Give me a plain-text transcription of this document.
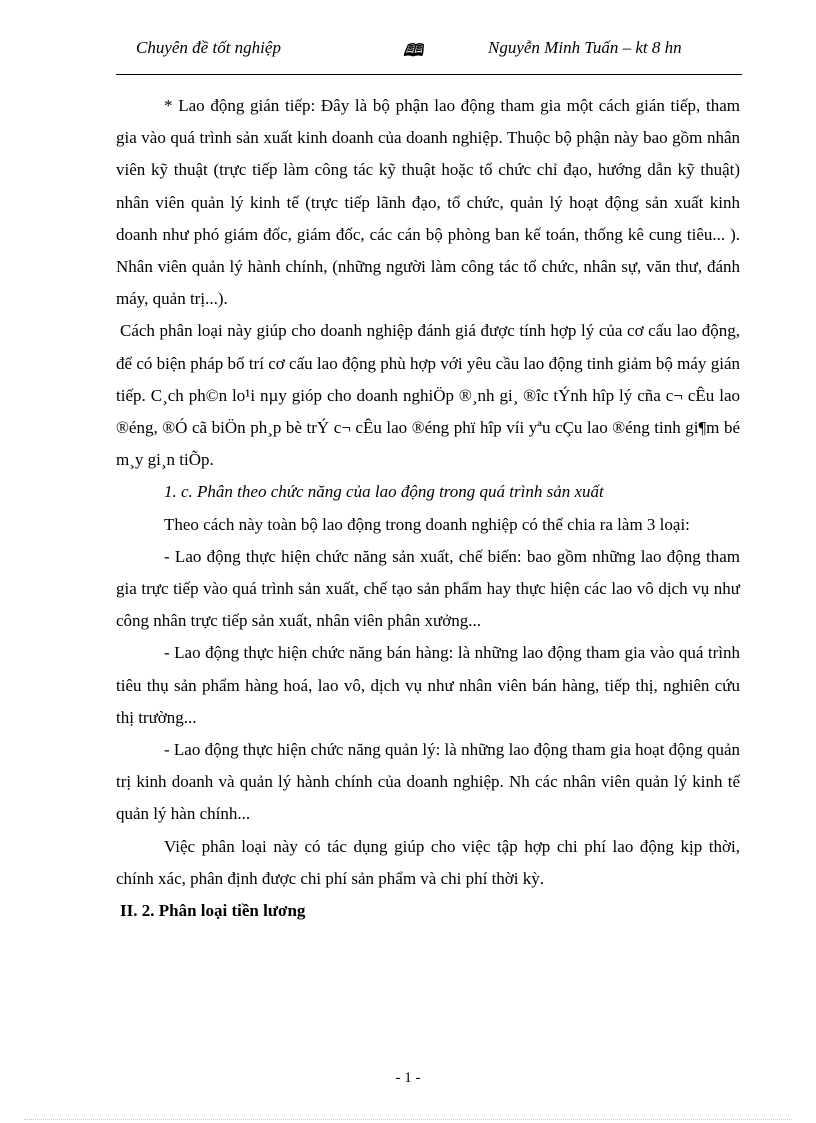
Chuyên đề tốt nghiệp	🕮	Nguyễn Minh Tuấn – kt 8 hn

* Lao động gián tiếp: Đây là bộ phận lao động tham gia một cách gián tiếp, tham gia vào quá trình sản xuất kinh doanh của doanh nghiệp. Thuộc bộ phận này bao gồm nhân viên kỹ thuật (trực tiếp làm công tác kỹ thuật hoặc tổ chức chỉ đạo, hướng dẫn kỹ thuật) nhân viên quản lý kinh tế (trực tiếp lãnh đạo, tổ chức, quản lý hoạt động sản xuất kinh doanh như phó giám đốc, giám đốc, các cán bộ phòng ban kế toán, thống kê cung tiêu... ). Nhân viên quản lý hành chính, (những người làm công tác tổ chức, nhân sự, văn thư, đánh máy, quản trị...).

Cách phân loại này giúp cho doanh nghiệp đánh giá được tính hợp lý của cơ cấu lao động, để có biện pháp bố trí cơ cấu lao động phù hợp với yêu cầu lao động tinh giảm bộ máy gián tiếp. C¸ch ph©n lo¹i nµy gióp cho doanh nghiÖp ®¸nh gi¸ ®îc tÝnh hîp lý cña c¬ cÊu lao ®éng, ®Ó cã biÖn ph¸p bè trÝ c¬ cÊu lao ®éng phï hîp víi yªu cÇu lao ®éng tinh gi¶m bé m¸y gi¸n tiÕp.

1. c. Phân theo chức năng của lao động trong quá trình sản xuất

Theo cách này toàn bộ lao động trong doanh nghiệp có thể chia ra làm 3 loại:

- Lao động thực hiện chức năng sản xuất, chế biến: bao gồm những lao động tham gia trực tiếp vào quá trình sản xuất, chế tạo sản phẩm hay thực hiện các lao vô dịch vụ như công nhân trực tiếp sản xuất, nhân viên phân xưởng...

- Lao động thực hiện chức năng bán hàng: là những lao động tham gia vào quá trình tiêu thụ sản phẩm hàng hoá, lao vô, dịch vụ như nhân viên bán hàng, tiếp thị, nghiên cứu thị trường...

- Lao động thực hiện chức năng quản lý: là những lao động tham gia hoạt động quản trị kinh doanh và quản lý hành chính của doanh nghiệp. Nh các nhân viên quản lý kinh tế quản lý hàn chính...

Việc phân loại này có tác dụng giúp cho việc tập hợp chi phí lao động kịp thời, chính xác, phân định được chi phí sản phẩm và chi phí thời kỳ.

II. 2. Phân loại tiền lương

- 1 -
